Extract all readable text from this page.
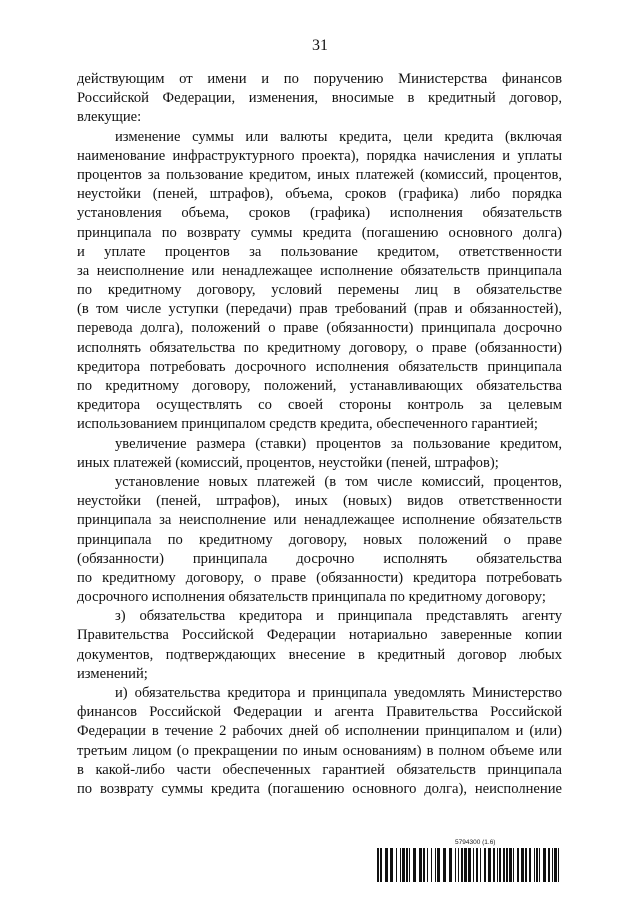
31
действующим от имени и по поручению Министерства финансов
Российской Федерации, изменения, вносимые в кредитный договор,
влекущие:
изменение суммы или валюты кредита, цели кредита (включая
наименование инфраструктурного проекта), порядка начисления и уплаты
процентов за пользование кредитом, иных платежей (комиссий, процентов,
неустойки (пеней, штрафов), объема, сроков (графика) либо порядка
установления объема, сроков (графика) исполнения обязательств
принципала по возврату суммы кредита (погашению основного долга)
и уплате процентов за пользование кредитом, ответственности
за неисполнение или ненадлежащее исполнение обязательств принципала
по кредитному договору, условий перемены лиц в обязательстве
(в том числе уступки (передачи) прав требований (прав и обязанностей),
перевода долга), положений о праве (обязанности) принципала досрочно
исполнять обязательства по кредитному договору, о праве (обязанности)
кредитора потребовать досрочного исполнения обязательств принципала
по кредитному договору, положений, устанавливающих обязательства
кредитора осуществлять со своей стороны контроль за целевым
использованием принципалом средств кредита, обеспеченного гарантией;
увеличение размера (ставки) процентов за пользование кредитом,
иных платежей (комиссий, процентов, неустойки (пеней, штрафов);
установление новых платежей (в том числе комиссий, процентов,
неустойки (пеней, штрафов), иных (новых) видов ответственности
принципала за неисполнение или ненадлежащее исполнение обязательств
принципала по кредитному договору, новых положений о праве
(обязанности) принципала досрочно исполнять обязательства
по кредитному договору, о праве (обязанности) кредитора потребовать
досрочного исполнения обязательств принципала по кредитному договору;
з) обязательства кредитора и принципала представлять агенту
Правительства Российской Федерации нотариально заверенные копии
документов, подтверждающих внесение в кредитный договор любых
изменений;
и) обязательства кредитора и принципала уведомлять Министерство
финансов Российской Федерации и агента Правительства Российской
Федерации в течение 2 рабочих дней об исполнении принципалом и (или)
третьим лицом (о прекращении по иным основаниям) в полном объеме или
в какой-либо части обеспеченных гарантией обязательств принципала
по возврату суммы кредита (погашению основного долга), неисполнение
5794300 (1.6)
